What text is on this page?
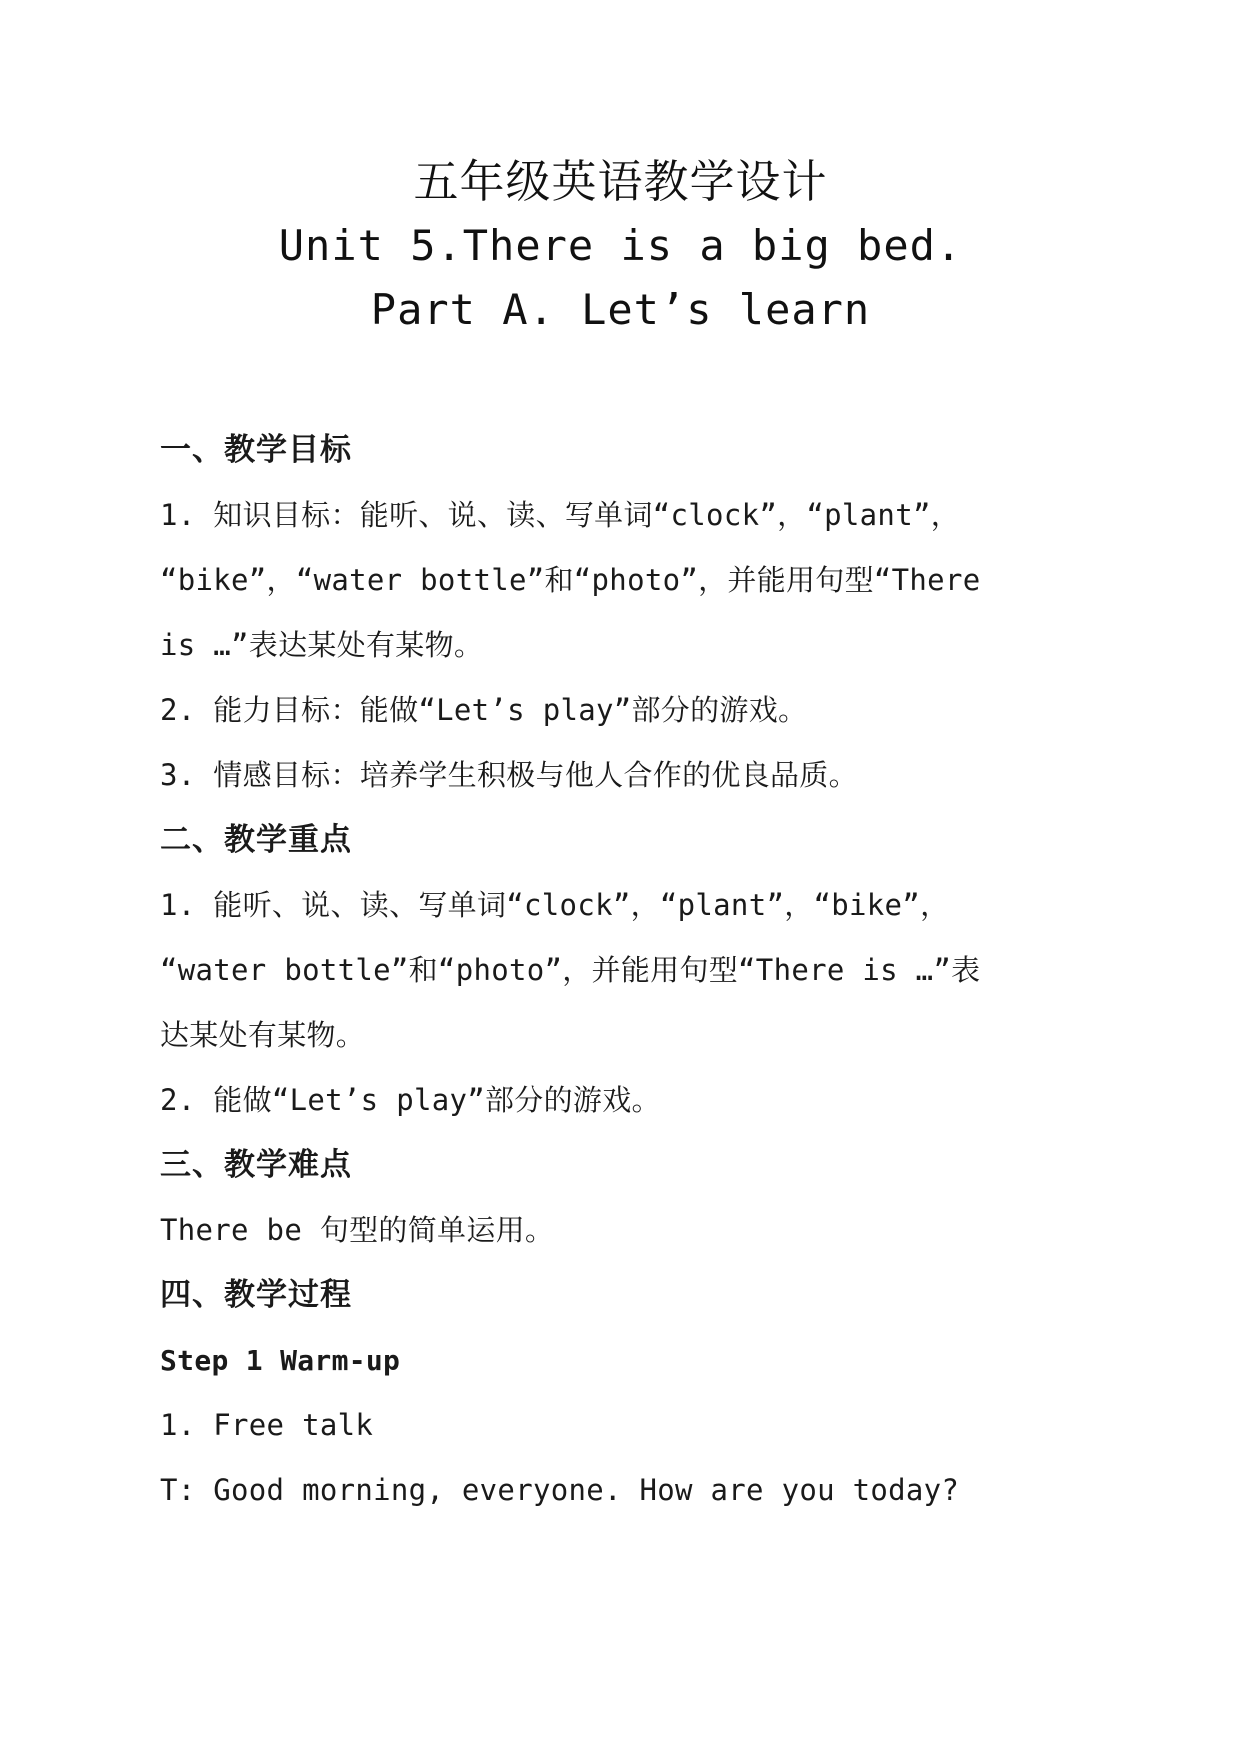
五年级英语教学设计
Unit 5.There is a big bed.
Part A. Let’s learn

一、教学目标

1. 知识目标：能听、说、读、写单词“clock”，“plant”，

“bike”，“water bottle”和“photo”，并能用句型“There

is …”表达某处有某物。

2. 能力目标：能做“Let’s play”部分的游戏。

3. 情感目标：培养学生积极与他人合作的优良品质。

二、教学重点

1. 能听、说、读、写单词“clock”，“plant”，“bike”，

“water bottle”和“photo”，并能用句型“There is …”表

达某处有某物。

2. 能做“Let’s play”部分的游戏。

三、教学难点

There be 句型的简单运用。

四、教学过程

Step 1 Warm-up

1. Free talk

T: Good morning, everyone. How are you today?
